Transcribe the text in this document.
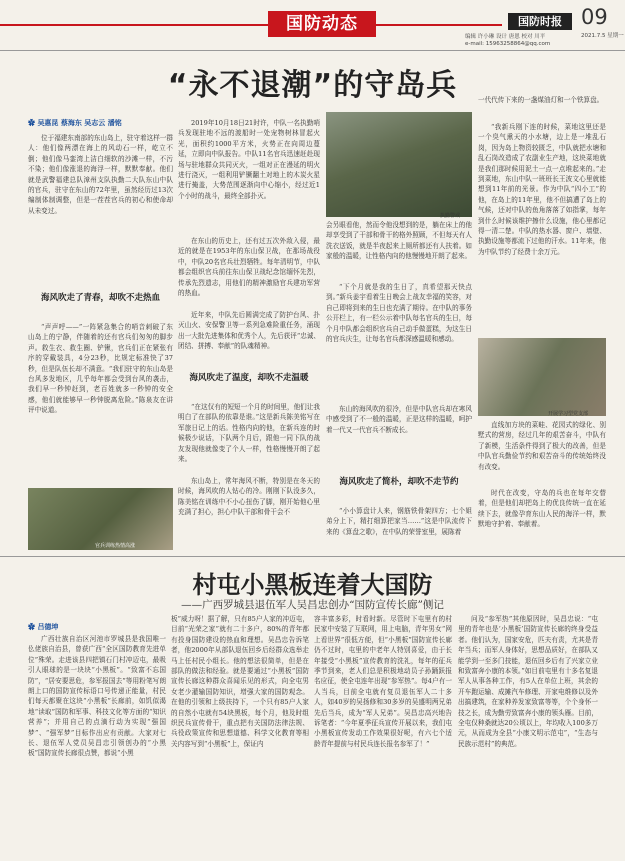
国防动态	国防时报 09
编辑 许小琳 设计 唐恩 校对 川平
e-mail: 15963258864@qq.com
2021.7.5 星期一
“永不退潮”的守岛兵
✿ 吴惠昆 蔡海东 吴志云 潘铭
位于福建东南部的东山岛上，驻守着这样一群人：他们像两漂在海上的风动石一样，屹立不倒；他们像马銮湾上洁白细软的沙滩一样，不污不染；他们像涨退的海浮一样，默默奉献。他们就是武警福建总队漳州支队执勤二大队东山中队的官兵，驻守在东山的72年里，虽然经历过13次编制体制调整，但是一茬茬官兵的初心和使命却从未变过。
海风吹走了青春，却吹不走热血
“声声呼——”一阵紧急集合的哨音刺破了东山岛上的宁静，伴随着的还有官兵们匆匆的脚步声。救生衣、救生圈、铲锹，官兵们正在紧张有序的穿戴装具，4分23秒，比规定标准快了37秒，但是队伍长却不满意。“我们驻守的东山岛是台风多发地区，几乎每年都会受到台风的袭击，我们早一秒钟赶到，老百姓就多一秒钟的安全感，他们就能够早一秒钟脱离危险。”陈泉友在讲评中说道。
官兵训练热情高涨
2019年10月18日21时许，中队一名执勤哨兵发现驻地不远的渡船时一处宠物树林冒起火光，面积约1000平方米，火势正在向周边蔓延，立即向中队报告。中队11名官兵迅速赶赴现场与驻地群众共同灭火，一组对正在漫延的明火进行浇灭，一组利用铲镢翻土对地上的木炭火星进行掩盖，大势范围逐渐向中心缩小，经过近1个小时的战斗，最终全部扑灭。
在东山的历史上，还有过五次外敌入侵，最近的就是在1953年的东山保卫战，在那场战役中，中队20名官兵壮烈牺牲。每年清明节，中队都会组织官兵前往东山保卫战纪念馆缅怀先烈，传承先烈遗志，用他们的精神激励官兵建功军营的热血。
近年来，中队先后圆满完成了防护台风、扑灭山火、安保警卫等一系列急难险重任务，涌现出一大批先进集体和优秀个人，先后获评“忠诚、团结、拼搏、奉献”的队魂精神。
海风吹走了温度，却吹不走温暖
“在这仅有的短短一个月的时间里，他们让我明白了在部队的依靠是谁。”这是新兵陈美铭写在军旅日记上的话。性格内向的他，在新兵连的时候极少说话，下队两个月后，跟他一同下队的战友发现他就像变了个人一样，性格慢慢开朗了起来。
东山岛上，常年海风不断，特别是在冬天的时候，海风吹的人钻心的冷。刚刚下队没多久，陈美铭在训练中不小心扭伤了脚，刚开始他心里充满了担心，担心中队干部和骨干会不
执勤警戒
会另眼看他，然而令他没想到的是，躺在床上的他却享受到了干部和骨干的格外照顾，不但每天有人洗衣送饭，就是半夜起来上厕所都还有人扶着。如家般的温暖，让性格内向的他慢慢地开朗了起来。
“下个月就是我的生日了，真希望那天快点到。”新兵姜宇看着生日晚会上战友幸福的笑容，对自己即将到来的生日也充满了期待。在中队的事务公开栏上，有一栏公示着中队每名官兵的生日，每个月中队都会组织官兵自己动手做蛋糕，为这生日的官兵庆生，让每名官兵都深感温暖和感动。
东山的海风吹的很冷，但是中队官兵却在寒风中感受到了不一般的温暖，正是这样的温暖，呵护着一代又一代官兵不断成长。
海风吹走了简朴，却吹不走节约
“小小算盘计人来，钢筋铁骨架四方；七个姐弟分上下，精打细算把家当……”这是中队流传下来的《算盘之歌》，在中队的荣誉室里，展陈着
一代代传下来的一盏煤油灯和一个铁算盘。
“我新兵刚下连的时候，菜地这里还是一个臭气熏天的小水塘，边上是一堆乱石岗，因为岛上物资较匮乏，中队就把水塘和乱石岗改造成了农副业生产地，这块菜地就是我们那时候用泥土一点一点堆起来的。”走到菜地，东山中队一班班长王波文心里就能想到11年前的光景。作为中队“四小工”的他，在岛上的11年里，他不但搞遭了岛上的气候，还对中队的鱼角落落了如指掌，每年到什么时候该维护擦什么设施，他心里都记得一清二楚。中队的热水器、窗户、墙壁、执勤设施等都流下过他的汗水。11年来，他为中队节约了经费十余万元。
开展学习型党支部
直线加方块的菜畦、花园式的绿化、别墅式的营房，经过几年的艰苦奋斗，中队有了新模，生活条件得到了极大的改善，但是中队官兵勤俭节约和艰苦奋斗的传统始终没有改变。
时代在改变，守岛的兵也在每年交替着，但是他们却把岛上的优良传统一直在延续下去，就像孕育东山人民的海洋一样，默默地守护着、奉献着。
村屯小黑板连着大国防
——广西罗城县退伍军人吴昌忠创办“国防宣传长廊”侧记
✿ 吕德坤
广西壮族自治区河池市罗城县是我国唯一仫佬族自治县，曾获广西“全区国防教育先进单位”殊荣。走进该县四把镇石门村冲迈屯，最吸引人眼球的是一块块“小黑板”。“致富不忘国防”，“居安要思危，参军报国去”等用粉笔写朗朗上口的国防宣传标语口号传递正能量，村民们每天都聚在这块“小黑板”长廊前，如饥似渴地“读取”国防和军事、科技文化等方面的“知识营养”；并用自己的点滴行动为实现“强国梦”、“强军梦”目标作出应有贡献。大家对七长、退伍军人党员吴昌忠引领创办的“小黑板”国防宣传长廊很点赞，都说“小黑
板”威力呀！据了解，只有85户人家的冲迈屯，目前“光荣之家”就有二十多户，80%的青年都有投身国防建设的热血和理想。吴昌忠告诉笔者，他2000年从部队退伍回乡后经群众选举走马上任村民小组长。他的想法很简单，但是在部队的做法和经验。就是要通过“小黑板”国防宣传长廊这种群众喜闻乐见的形式，向全屯男女老少灌输国防知识，增强大家的国防观念。在他的引领和上级扶持下，一个只有85户人家的自然小屯就有54块黑板，每个月，他及时组织民兵宣传骨干，重点把有关国防法律法规、兵役政策宣传和思想道德、科学文化教育等相关内容写到“小黑板”上，保证内
容丰富多彩，时看时新。尽管时下屯里有的村民家中安装了互联网，用上电脑，青年男女“网上看世界”很低方便，但“小黑板”国防宣传长廊仍不过时，屯里的中老年人特别喜爱，由于长年接受“小黑板”宣传教育的洗礼，每年的征兵季节到来，老人们总是积极地动员子孙踊跃报名应征，使全屯连年出现“参军热”。每4户有一人当兵，目前全屯就有复员退伍军人二十多人，如40岁的吴扬修和30多岁的吴盛明两兄弟先后当兵，成为“军人兄弟”。吴昌忠高兴地告诉笔者：“今年夏季征兵宣传开展以来，我们屯小黑板宣传发动工作效果很好呢，有六七个适龄青年提前与村民兵连长报名参军了！”
问及“参军热”其他原因时，吴昌忠说：“屯里的青年也是‘小黑板’国防宣传长廊的终身受益者。他们认为，国家安危，匹夫有责，尤其是青年当兵；而军人身体好，思想品质好，在部队又能学到一至多门技能，退伍回乡后有了兴家立业和致富奔小康的本领。”如目前屯里有十多名复退军人从事各种工作，有5人在单位上班，其余的开车跑运输、成摊汽车修理、开家电维修以及外出搞建筑，在家种养发家致富等等，个个身怀一技之长，成为勤劳致富奔小康的领头雁。目前，全屯仅种桑就达20公顷以上，年均收入100多万元，从而成为全县“小康文明示范屯”，“生态与民族示范村”的典范。
